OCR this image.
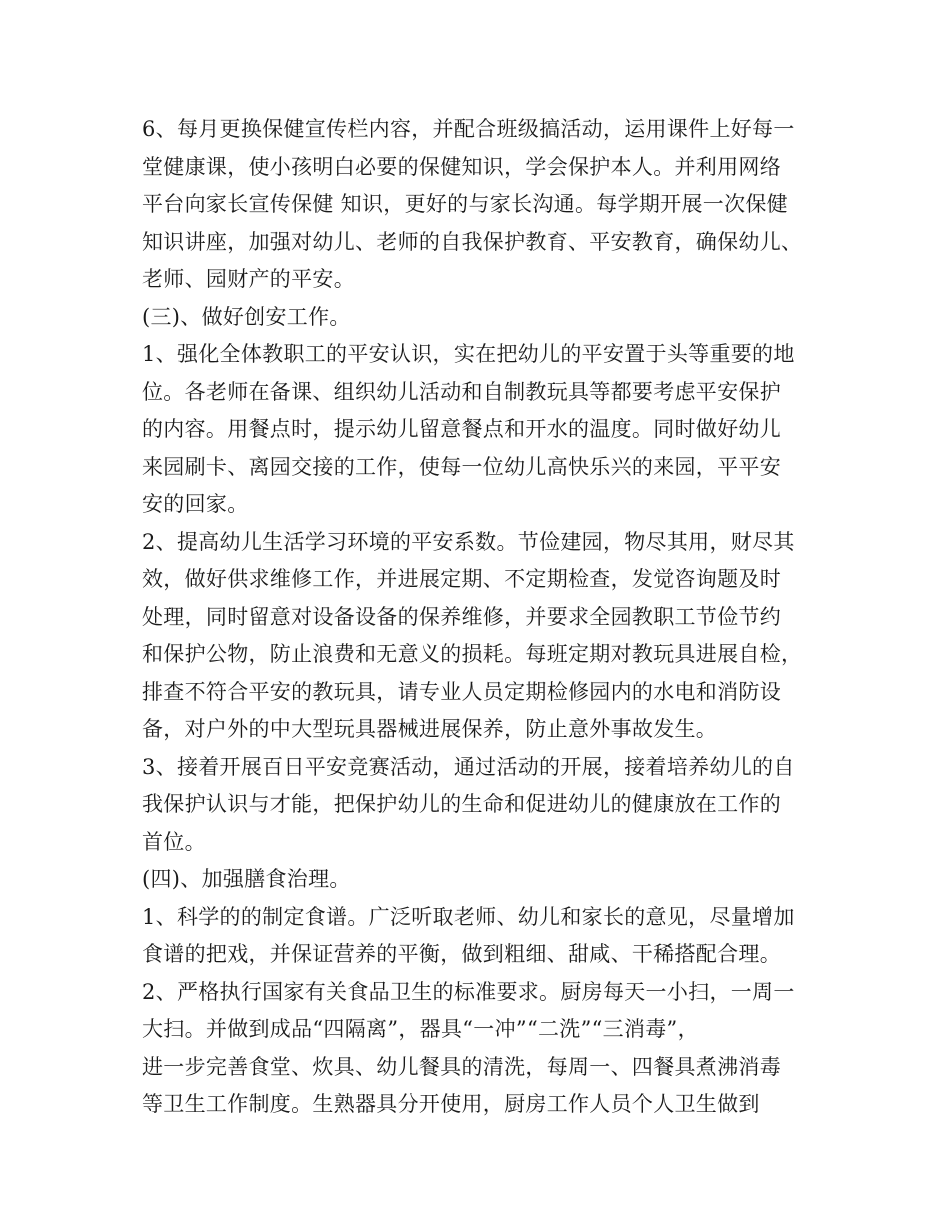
6、每月更换保健宣传栏内容，并配合班级搞活动，运用课件上好每一
堂健康课，使小孩明白必要的保健知识，学会保护本人。并利用网络
平台向家长宣传保健 知识，更好的与家长沟通。每学期开展一次保健
知识讲座，加强对幼儿、老师的自我保护教育、平安教育，确保幼儿、
老师、园财产的平安。
(三)、做好创安工作。
1、强化全体教职工的平安认识，实在把幼儿的平安置于头等重要的地
位。各老师在备课、组织幼儿活动和自制教玩具等都要考虑平安保护
的内容。用餐点时，提示幼儿留意餐点和开水的温度。同时做好幼儿
来园刷卡、离园交接的工作，使每一位幼儿高快乐兴的来园，平平安
安的回家。
2、提高幼儿生活学习环境的平安系数。节俭建园，物尽其用，财尽其
效，做好供求维修工作，并进展定期、不定期检查，发觉咨询题及时
处理，同时留意对设备设备的保养维修，并要求全园教职工节俭节约
和保护公物，防止浪费和无意义的损耗。每班定期对教玩具进展自检，
排查不符合平安的教玩具，请专业人员定期检修园内的水电和消防设
备，对户外的中大型玩具器械进展保养，防止意外事故发生。
3、接着开展百日平安竞赛活动，通过活动的开展，接着培养幼儿的自
我保护认识与才能，把保护幼儿的生命和促进幼儿的健康放在工作的
首位。
(四)、加强膳食治理。
1、科学的的制定食谱。广泛听取老师、幼儿和家长的意见，尽量增加
食谱的把戏，并保证营养的平衡，做到粗细、甜咸、干稀搭配合理。
2、严格执行国家有关食品卫生的标准要求。厨房每天一小扫，一周一
大扫。并做到成品“四隔离”，器具“一冲”“二洗”“三消毒”，
进一步完善食堂、炊具、幼儿餐具的清洗，每周一、四餐具煮沸消毒
等卫生工作制度。生熟器具分开使用，厨房工作人员个人卫生做到
